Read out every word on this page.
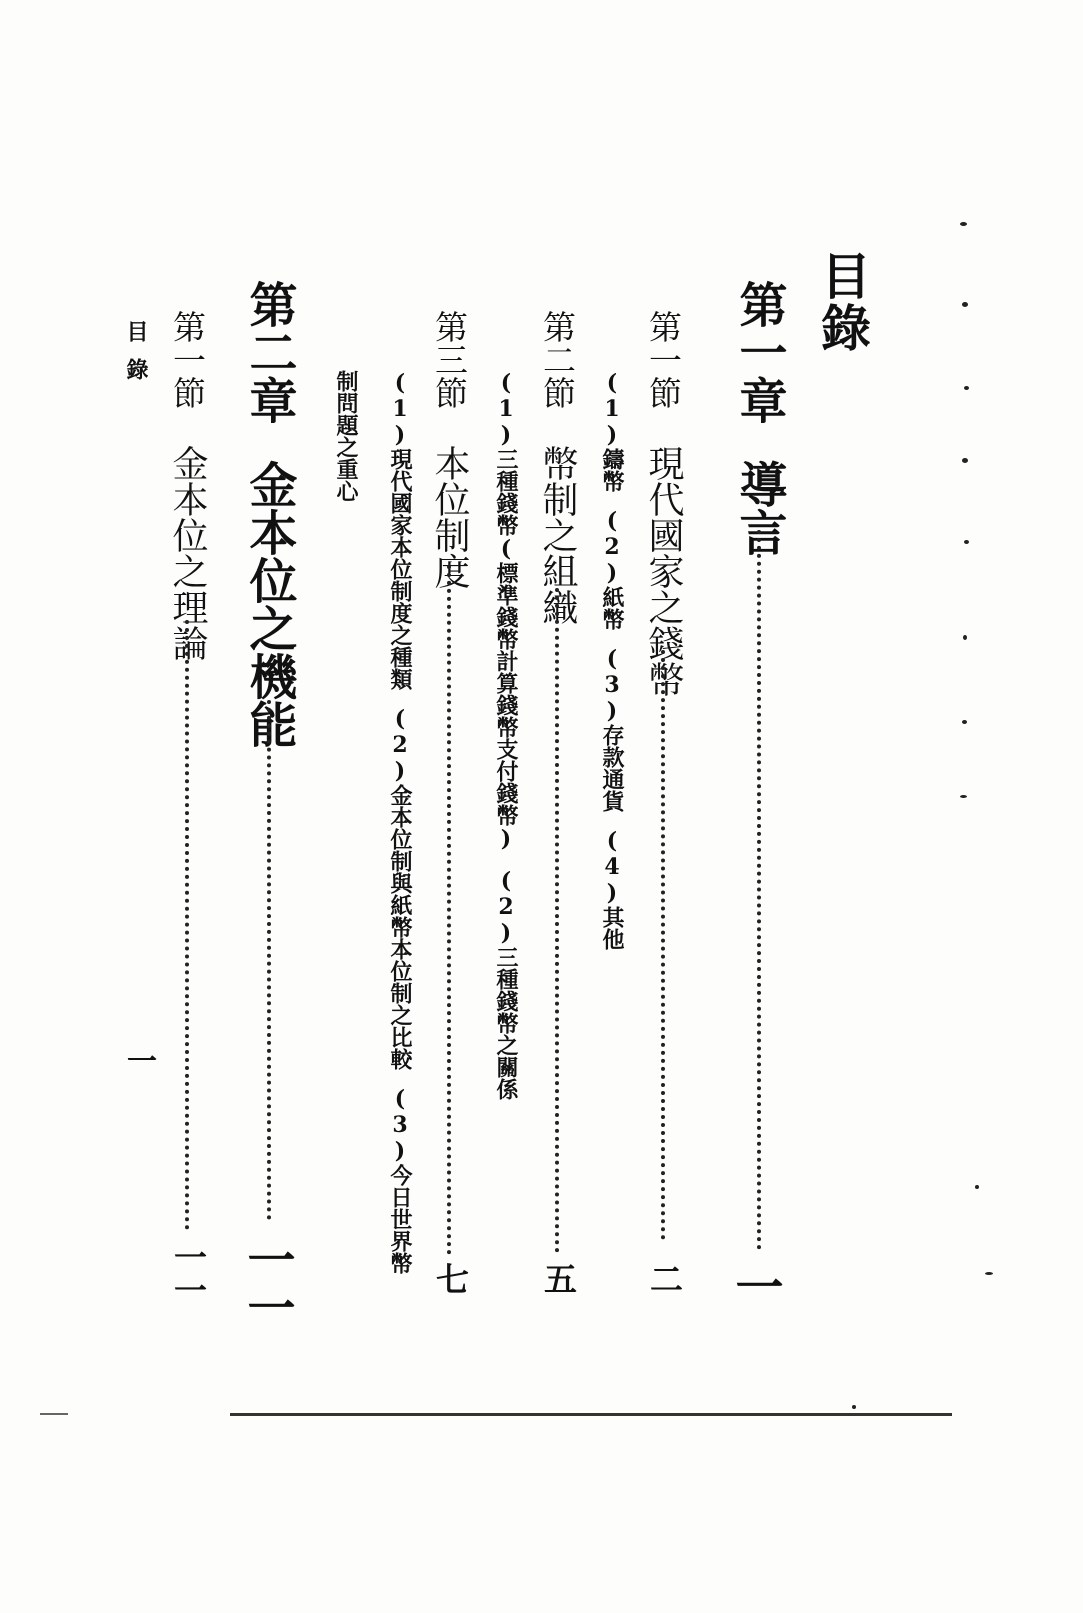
目錄
第一章導言
一
第一節現代國家之錢幣
二
(1)鑄幣(2)紙幣(3)存款通貨(4)其他
第二節幣制之組織
五
(1)三種錢幣(標準錢幣計算錢幣支付錢幣)(2)三種錢幣之關係
第三節本位制度
七
(1)現代國家本位制度之種類(2)金本位制與紙幣本位制之比較(3)今日世界幣
制問題之重心
第二章金本位之機能
一一
第一節金本位之理論
一一
目錄
一
